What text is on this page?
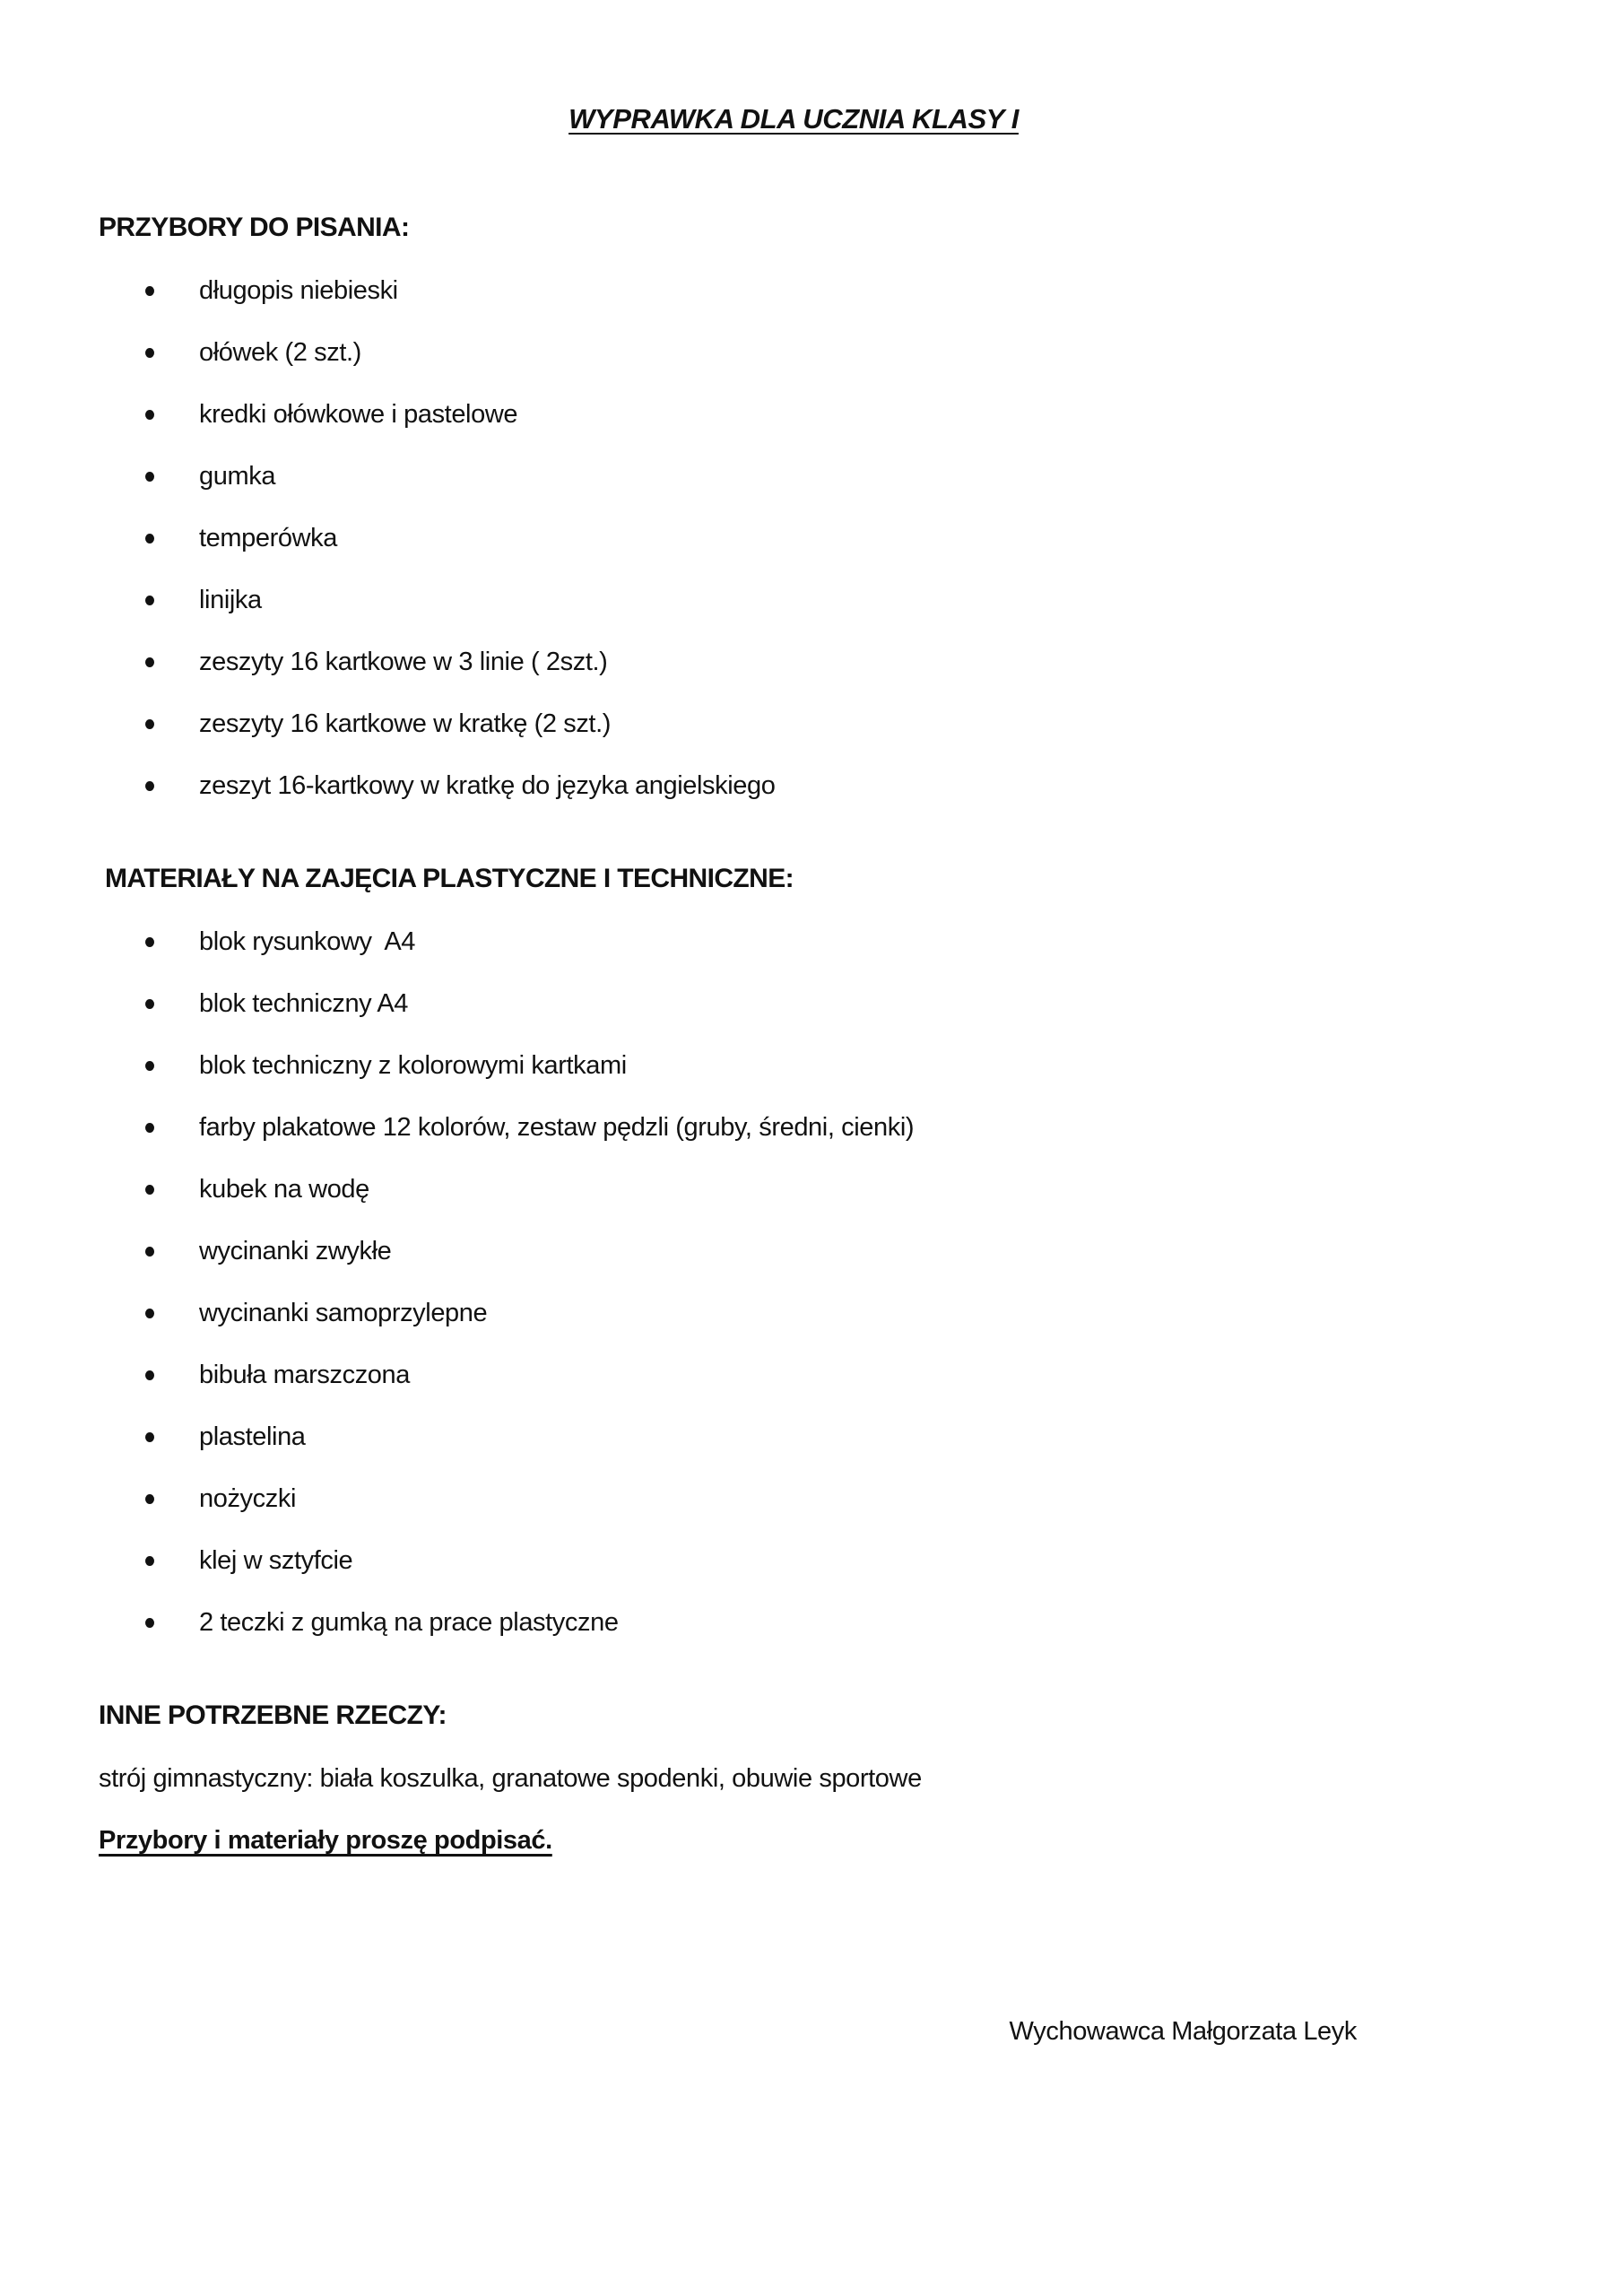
WYPRAWKA DLA UCZNIA KLASY I
PRZYBORY DO PISANIA:
długopis niebieski
ołówek (2 szt.)
kredki ołówkowe i pastelowe
gumka
temperówka
linijka
zeszyty 16 kartkowe w 3 linie ( 2szt.)
zeszyty 16 kartkowe w kratkę (2 szt.)
zeszyt 16-kartkowy w kratkę do języka angielskiego
MATERIAŁY NA ZAJĘCIA PLASTYCZNE I TECHNICZNE:
blok rysunkowy  A4
blok techniczny A4
blok techniczny z kolorowymi kartkami
farby plakatowe 12 kolorów, zestaw pędzli (gruby, średni, cienki)
kubek na wodę
wycinanki zwykłe
wycinanki samoprzylepne
bibuła marszczona
plastelina
nożyczki
klej w sztyfcie
2 teczki z gumką na prace plastyczne
INNE POTRZEBNE RZECZY:

strój gimnastyczny: biała koszulka, granatowe spodenki, obuwie sportowe

Przybory i materiały proszę podpisać.

Wychowawca Małgorzata Leyk
